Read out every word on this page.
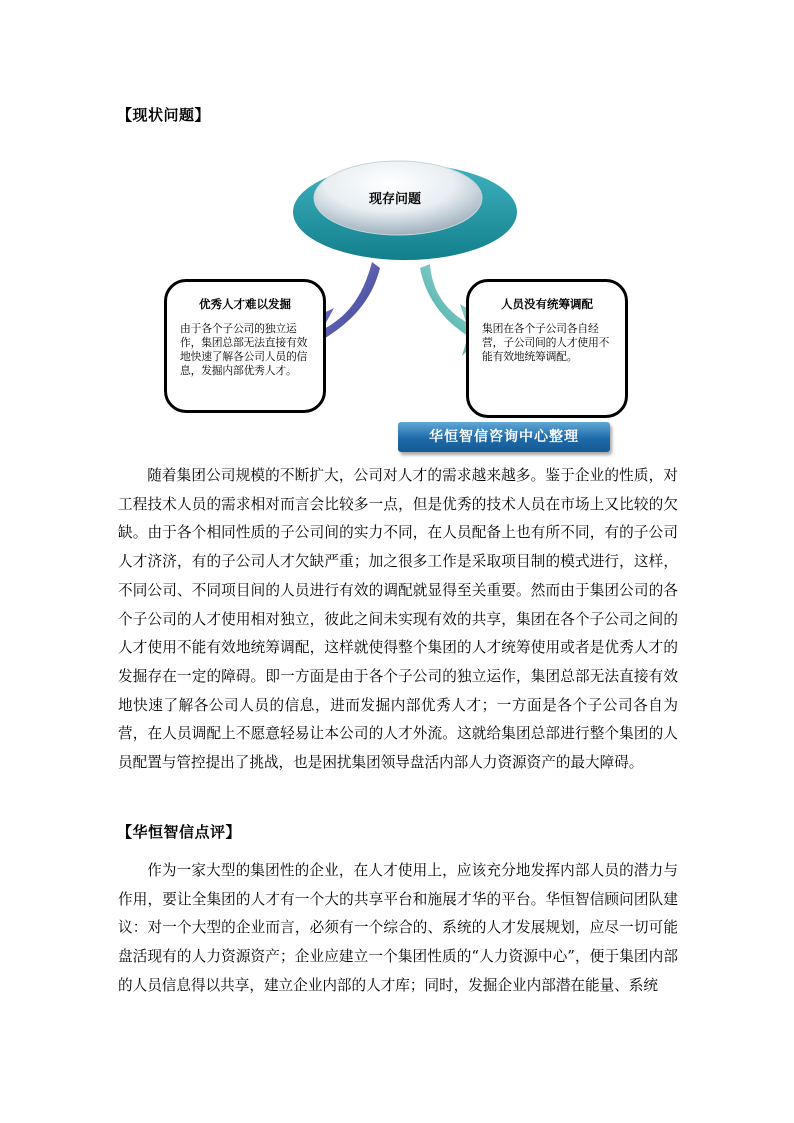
【现状问题】
现存问题
优秀人才难以发掘
由于各个子公司的独立运作，集团总部无法直接有效地快速了解各公司人员的信息，发掘内部优秀人才。
人员没有统筹调配
集团在各个子公司各自经营，子公司间的人才使用不能有效地统筹调配。
华恒智信咨询中心整理

随着集团公司规模的不断扩大，公司对人才的需求越来越多。鉴于企业的性质，对工程技术人员的需求相对而言会比较多一点，但是优秀的技术人员在市场上又比较的欠缺。由于各个相同性质的子公司间的实力不同，在人员配备上也有所不同，有的子公司人才济济，有的子公司人才欠缺严重；加之很多工作是采取项目制的模式进行，这样，不同公司、不同项目间的人员进行有效的调配就显得至关重要。然而由于集团公司的各个子公司的人才使用相对独立，彼此之间未实现有效的共享，集团在各个子公司之间的人才使用不能有效地统筹调配，这样就使得整个集团的人才统筹使用或者是优秀人才的发掘存在一定的障碍。即一方面是由于各个子公司的独立运作，集团总部无法直接有效地快速了解各公司人员的信息，进而发掘内部优秀人才；一方面是各个子公司各自为营，在人员调配上不愿意轻易让本公司的人才外流。这就给集团总部进行整个集团的人员配置与管控提出了挑战，也是困扰集团领导盘活内部人力资源资产的最大障碍。

【华恒智信点评】

作为一家大型的集团性的企业，在人才使用上，应该充分地发挥内部人员的潜力与作用，要让全集团的人才有一个大的共享平台和施展才华的平台。华恒智信顾问团队建议：对一个大型的企业而言，必须有一个综合的、系统的人才发展规划，应尽一切可能盘活现有的人力资源资产；企业应建立一个集团性质的“人力资源中心”，便于集团内部的人员信息得以共享，建立企业内部的人才库；同时，发掘企业内部潜在能量、系统
